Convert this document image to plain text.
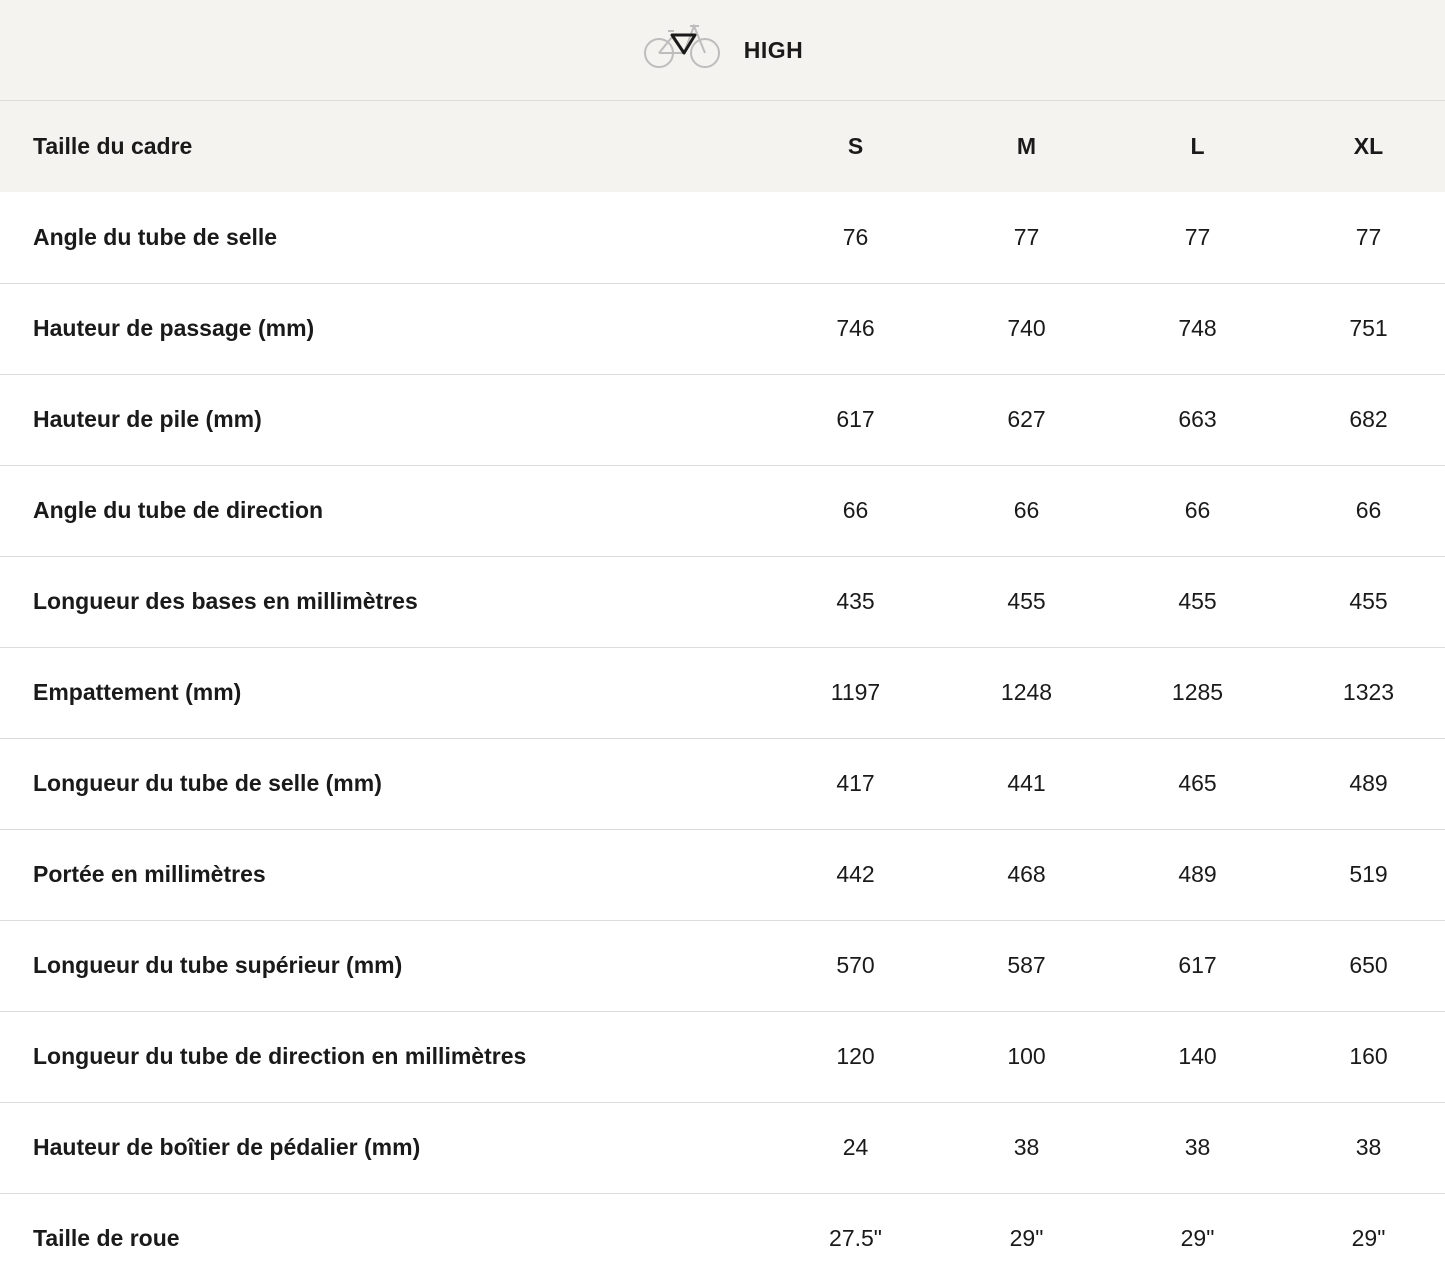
HIGH
Taille du cadre	S	M	L	XL
Angle du tube de selle	76	77	77	77
Hauteur de passage (mm)	746	740	748	751
Hauteur de pile (mm)	617	627	663	682
Angle du tube de direction	66	66	66	66
Longueur des bases en millimètres	435	455	455	455
Empattement (mm)	1197	1248	1285	1323
Longueur du tube de selle (mm)	417	441	465	489
Portée en millimètres	442	468	489	519
Longueur du tube supérieur (mm)	570	587	617	650
Longueur du tube de direction en millimètres	120	100	140	160
Hauteur de boîtier de pédalier (mm)	24	38	38	38
Taille de roue	27.5"	29"	29"	29"
